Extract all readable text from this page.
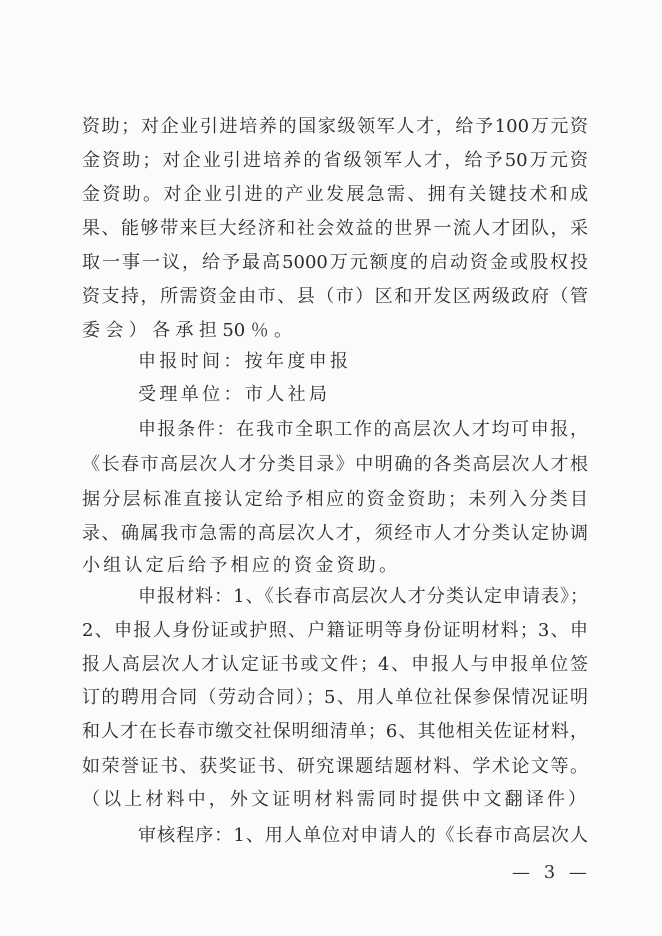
资助；对企业引进培养的国家级领军人才，给予100万元资
金资助；对企业引进培养的省级领军人才，给予50万元资
金资助。对企业引进的产业发展急需、拥有关键技术和成
果、能够带来巨大经济和社会效益的世界一流人才团队，采
取一事一议，给予最高5000万元额度的启动资金或股权投
资支持，所需资金由市、县（市）区和开发区两级政府（管
委会）各承担50％。
申报时间：按年度申报
受理单位：市人社局
申报条件：在我市全职工作的高层次人才均可申报，
《长春市高层次人才分类目录》中明确的各类高层次人才根
据分层标准直接认定给予相应的资金资助；未列入分类目
录、确属我市急需的高层次人才，须经市人才分类认定协调
小组认定后给予相应的资金资助。
申报材料：1、《长春市高层次人才分类认定申请表》；
2、申报人身份证或护照、户籍证明等身份证明材料；3、申
报人高层次人才认定证书或文件；4、申报人与申报单位签
订的聘用合同（劳动合同）；5、用人单位社保参保情况证明
和人才在长春市缴交社保明细清单；6、其他相关佐证材料，
如荣誉证书、获奖证书、研究课题结题材料、学术论文等。
（以上材料中，外文证明材料需同时提供中文翻译件）
审核程序：1、用人单位对申请人的《长春市高层次人
— 3 —
